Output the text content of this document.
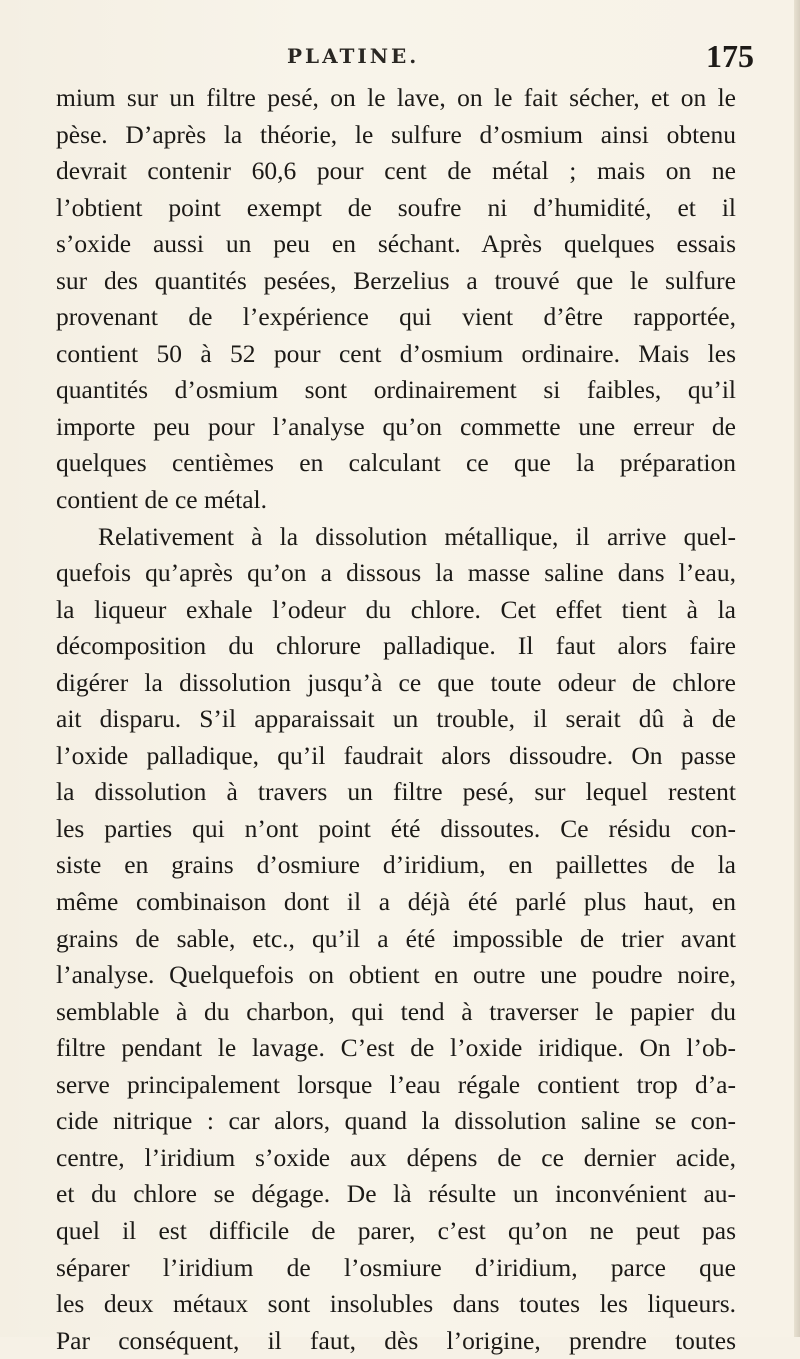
PLATINE.	175
mium sur un filtre pesé, on le lave, on le fait sécher, et on le
pèse. D’après la théorie, le sulfure d’osmium ainsi obtenu
devrait contenir 60,6 pour cent de métal ; mais on ne
l’obtient point exempt de soufre ni d’humidité, et il
s’oxide aussi un peu en séchant. Après quelques essais
sur des quantités pesées, Berzelius a trouvé que le sulfure
provenant de l’expérience qui vient d’être rapportée,
contient 50 à 52 pour cent d’osmium ordinaire. Mais les
quantités d’osmium sont ordinairement si faibles, qu’il
importe peu pour l’analyse qu’on commette une erreur de
quelques centièmes en calculant ce que la préparation
contient de ce métal.
Relativement à la dissolution métallique, il arrive quel-
quefois qu’après qu’on a dissous la masse saline dans l’eau,
la liqueur exhale l’odeur du chlore. Cet effet tient à la
décomposition du chlorure palladique. Il faut alors faire
digérer la dissolution jusqu’à ce que toute odeur de chlore
ait disparu. S’il apparaissait un trouble, il serait dû à de
l’oxide palladique, qu’il faudrait alors dissoudre. On passe
la dissolution à travers un filtre pesé, sur lequel restent
les parties qui n’ont point été dissoutes. Ce résidu con-
siste en grains d’osmiure d’iridium, en paillettes de la
même combinaison dont il a déjà été parlé plus haut, en
grains de sable, etc., qu’il a été impossible de trier avant
l’analyse. Quelquefois on obtient en outre une poudre noire,
semblable à du charbon, qui tend à traverser le papier du
filtre pendant le lavage. C’est de l’oxide iridique. On l’ob-
serve principalement lorsque l’eau régale contient trop d’a-
cide nitrique : car alors, quand la dissolution saline se con-
centre, l’iridium s’oxide aux dépens de ce dernier acide,
et du chlore se dégage. De là résulte un inconvénient au-
quel il est difficile de parer, c’est qu’on ne peut pas
séparer l’iridium de l’osmiure d’iridium, parce que
les deux métaux sont insolubles dans toutes les liqueurs.
Par conséquent, il faut, dès l’origine, prendre toutes
